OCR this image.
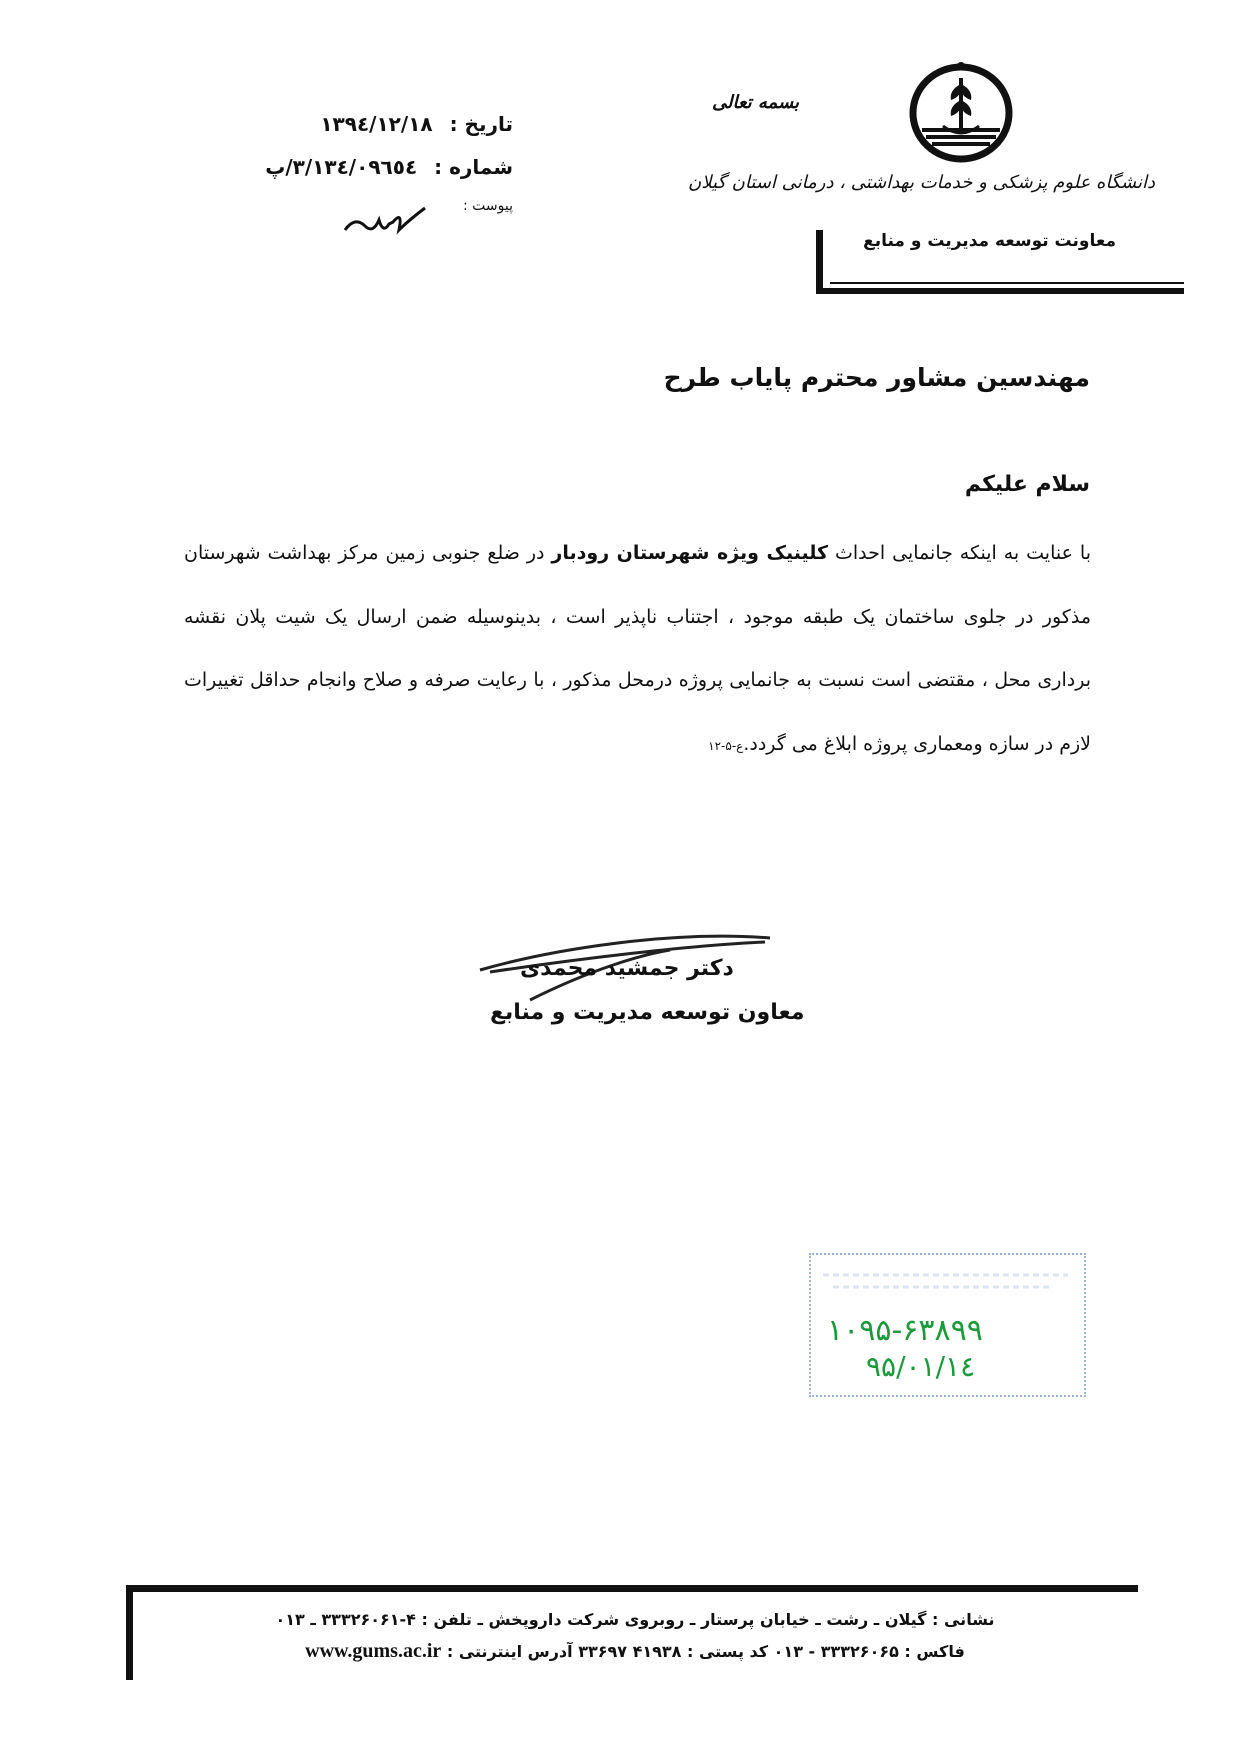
بسمه تعالی
دانشگاه علوم پزشکی و خدمات بهداشتی ، درمانی استان گیلان
معاونت توسعه مدیریت و منابع
تاریخ : ۱۳۹٤/۱۲/۱۸
شماره : ۳/۱۳٤/۰۹٦٥٤/پ
پیوست :
مهندسین مشاور محترم پایاب طرح
سلام علیکم
با عنایت به اینکه جانمایی احداث کلینیک ویژه شهرستان رودبار در ضلع جنوبی زمین مرکز بهداشت شهرستان مذکور در جلوی ساختمان یک طبقه موجود ، اجتناب ناپذیر است ، بدینوسیله ضمن ارسال یک شیت پلان نقشه برداری محل ، مقتضی است نسبت به جانمایی پروژه درمحل مذکور ، با رعایت صرفه و صلاح وانجام حداقل تغییرات لازم در سازه ومعماری پروژه ابلاغ می گردد.ع-۵-۱۲
دکتر جمشید محمدی
معاون توسعه مدیریت و منابع
۱۰۹۵-۶۳۸۹۹
۹۵/۰۱/۱٤
نشانی : گیلان ـ رشت ـ خیابان پرستار ـ روبروی شرکت داروپخش ـ تلفن : ۴-۳۳۳۲۶۰۶۱ ـ ۰۱۳
فاکس : ۳۳۳۲۶۰۶۵ - ۰۱۳ کد پستی : ۴۱۹۳۸ ۳۳۶۹۷ آدرس اینترنتی : www.gums.ac.ir
